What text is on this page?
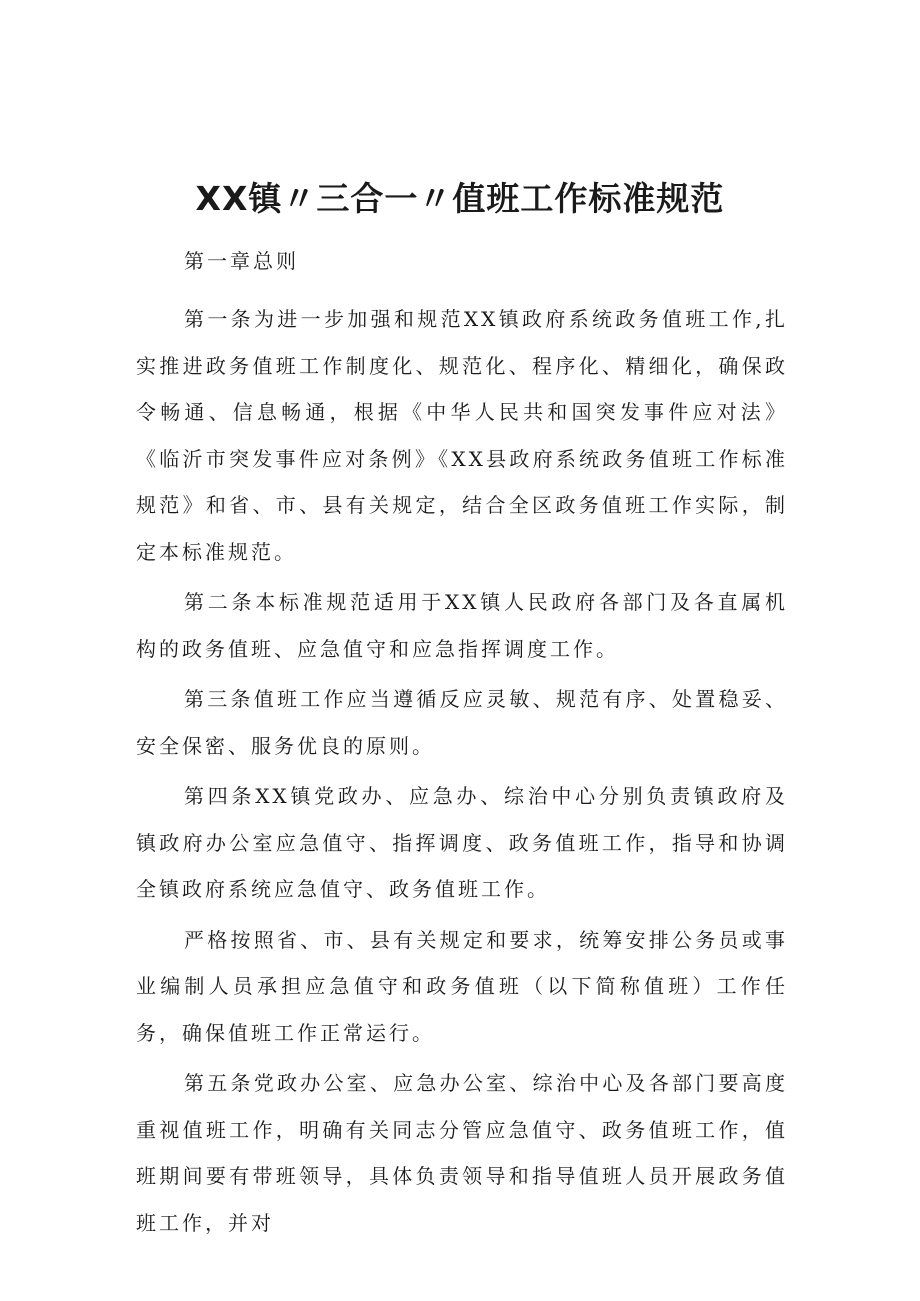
XX镇〃三合一〃值班工作标准规范

第一章总则

第一条为进一步加强和规范XX镇政府系统政务值班工作,扎实推进政务值班工作制度化、规范化、程序化、精细化，确保政令畅通、信息畅通，根据《中华人民共和国突发事件应对法》《临沂市突发事件应对条例》《XX县政府系统政务值班工作标准规范》和省、市、县有关规定，结合全区政务值班工作实际，制定本标准规范。

第二条本标准规范适用于XX镇人民政府各部门及各直属机构的政务值班、应急值守和应急指挥调度工作。

第三条值班工作应当遵循反应灵敏、规范有序、处置稳妥、安全保密、服务优良的原则。

第四条XX镇党政办、应急办、综治中心分别负责镇政府及镇政府办公室应急值守、指挥调度、政务值班工作，指导和协调全镇政府系统应急值守、政务值班工作。

严格按照省、市、县有关规定和要求，统筹安排公务员或事业编制人员承担应急值守和政务值班（以下简称值班）工作任务，确保值班工作正常运行。

第五条党政办公室、应急办公室、综治中心及各部门要高度重视值班工作，明确有关同志分管应急值守、政务值班工作，值班期间要有带班领导，具体负责领导和指导值班人员开展政务值班工作，并对
